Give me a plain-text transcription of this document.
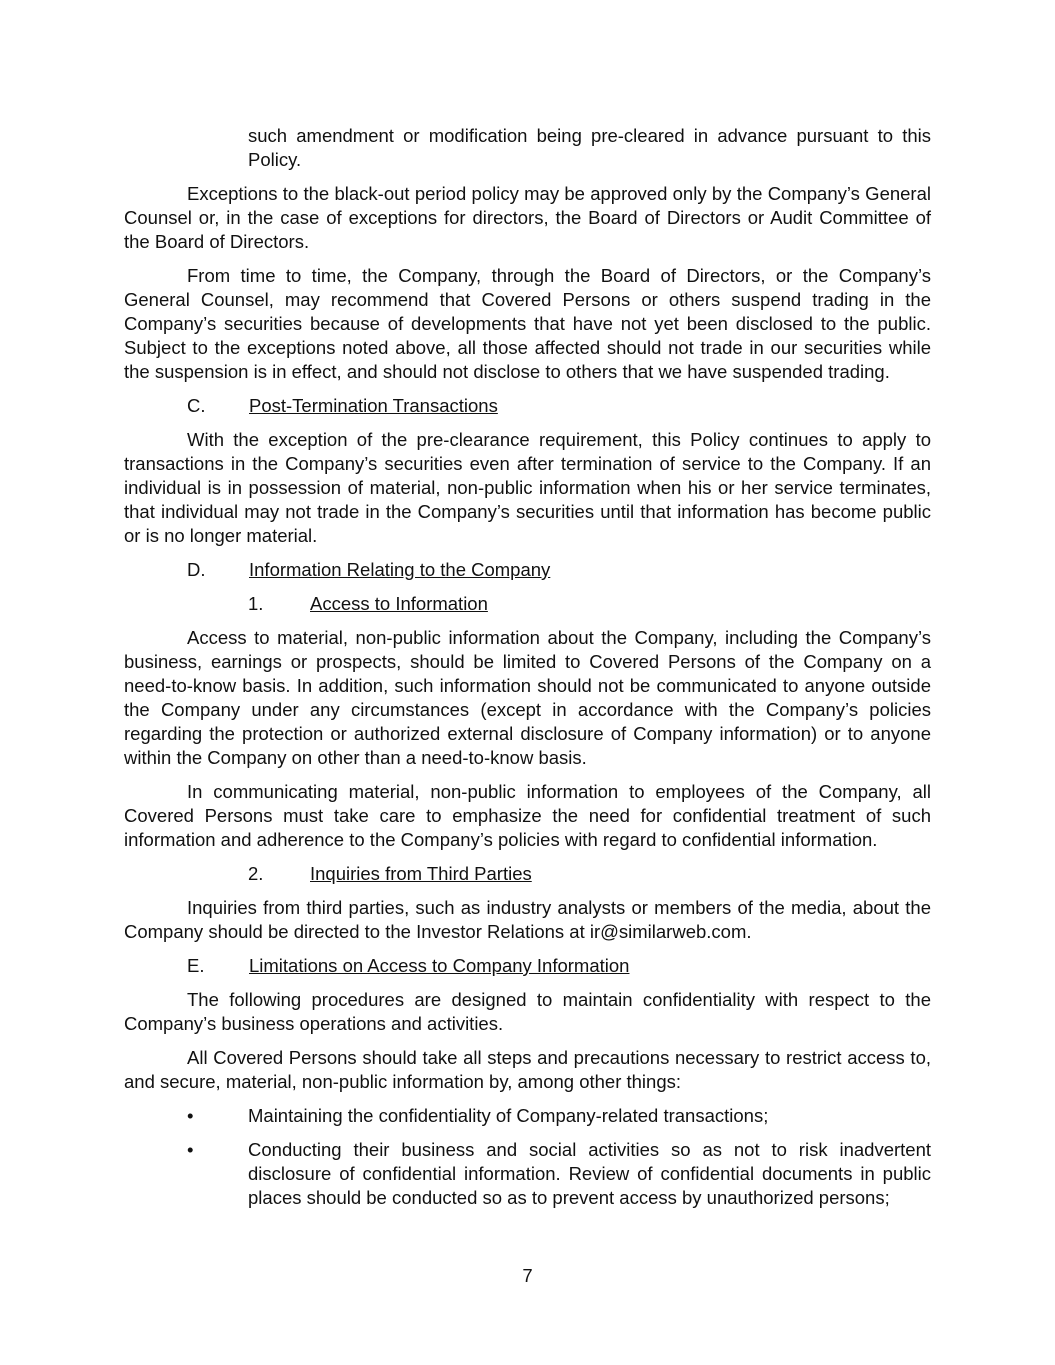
such amendment or modification being pre-cleared in advance pursuant to this Policy.

Exceptions to the black-out period policy may be approved only by the Company’s General Counsel or, in the case of exceptions for directors, the Board of Directors or Audit Committee of the Board of Directors.

From time to time, the Company, through the Board of Directors, or the Company’s General Counsel, may recommend that Covered Persons or others suspend trading in the Company’s securities because of developments that have not yet been disclosed to the public. Subject to the exceptions noted above, all those affected should not trade in our securities while the suspension is in effect, and should not disclose to others that we have suspended trading.

C.	Post-Termination Transactions

With the exception of the pre-clearance requirement, this Policy continues to apply to transactions in the Company’s securities even after termination of service to the Company. If an individual is in possession of material, non-public information when his or her service terminates, that individual may not trade in the Company’s securities until that information has become public or is no longer material.

D.	Information Relating to the Company
1.	Access to Information

Access to material, non-public information about the Company, including the Company’s business, earnings or prospects, should be limited to Covered Persons of the Company on a need-to-know basis. In addition, such information should not be communicated to anyone outside the Company under any circumstances (except in accordance with the Company’s policies regarding the protection or authorized external disclosure of Company information) or to anyone within the Company on other than a need-to-know basis.

In communicating material, non-public information to employees of the Company, all Covered Persons must take care to emphasize the need for confidential treatment of such information and adherence to the Company’s policies with regard to confidential information.

2.	Inquiries from Third Parties

Inquiries from third parties, such as industry analysts or members of the media, about the Company should be directed to the Investor Relations at ir@similarweb.com.

E.	Limitations on Access to Company Information

The following procedures are designed to maintain confidentiality with respect to the Company’s business operations and activities.

All Covered Persons should take all steps and precautions necessary to restrict access to, and secure, material, non-public information by, among other things:

•	Maintaining the confidentiality of Company-related transactions;
•	Conducting their business and social activities so as not to risk inadvertent disclosure of confidential information. Review of confidential documents in public places should be conducted so as to prevent access by unauthorized persons;
7
